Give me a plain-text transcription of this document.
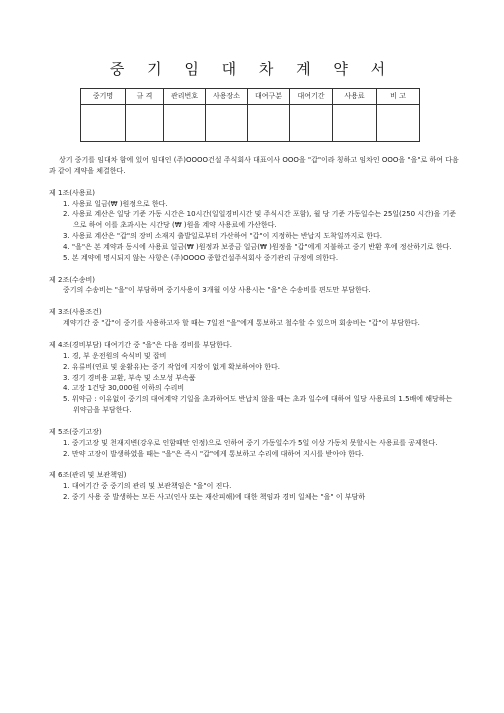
중 기 임 대 차 계 약 서
중기명	규 격	관리번호	사용장소	대여구분	대여기간	사용료	비 고

상기 중기를 임대차 함에 있어 임대인 (주)OOOO건설 주식회사 대표이사 OOO을 "갑"이라 칭하고 임차인 OOO을 "을"로 하여 다음과 같이 계약을 체결한다.

제 1조(사용료)

1. 사용료 일금(₩ )원정으로 한다.
2. 사용료 계산은 일당 기준 가동 시간은 10시간(일일경비시간 및 주식시간 포함), 월 당 기준 가동일수는 25일(250 시간)을 기준으로 하여 이를 초과시는 시간당 (₩ )원을 계약 사용료에 가산한다.
3. 사용료 계산은 "갑"의 장비 소재지 출발일로부터 가산하여 "갑"이 지정하는 반납지 도착일까지로 한다.
4. "을"은 본 계약과 동시에 사용료 일금(₩ )원정과 보증금 일금(₩ )원정을 "갑"에게 지불하고 중기 반환 후에 정산하기로 한다.
5. 본 계약에 명시되지 않는 사항은 (주)OOOO 종합건설주식회사 중기관리 규정에 의한다.

제 2조(수송비)

중기의 수송비는 "을"이 부담하며 중기사용이 3개월 이상 사용시는 "을"은 수송비를 편도만 부담한다.

제 3조(사용조건)

계약기간 중 "갑"이 중기를 사용하고자 할 때는 7일전 "을"에게 통보하고 철수할 수 있으며 회송비는 "갑"이 부담한다.

제 4조(경비부담) 대여기간 중 "을"은 다음 경비를 부담한다.

1. 경, 부 운전원의 숙식비 및 잡비
2. 유류비(연료 및 윤활유)는 중기 작업에 지장이 없게 확보하여야 한다.
3. 경기 경비용 교환, 부속 및 소모성 부속품
4. 고장 1건당 30,000원 이하의 수리비
5. 위약금 : 이유없이 중기의 대여계약 기일을 초과하여도 반납치 않을 때는 초과 일수에 대하여 일당 사용료의 1.5배에 해당하는 위약금을 부담한다.

제 5조(중기고장)

1. 중기고장 및 천재지변(강우로 인함때만 인정)으로 인하여 중기 가동일수가 5일 이상 가동치 못할시는 사용료를 공제한다.
2. 만약 고장이 발생하였을 때는 "을"은 즉시 "갑"에게 통보하고 수리에 대하여 지시를 받아야 한다.

제 6조(관리 및 보관책임)

1. 대여기간 중 중기의 관리 및 보관책임은 "을"이 진다.
2. 중기 사용 중 발생하는 모든 사고(인사 또는 재산피해)에 대한 책임과 경비 일체는 "을" 이 부담하
